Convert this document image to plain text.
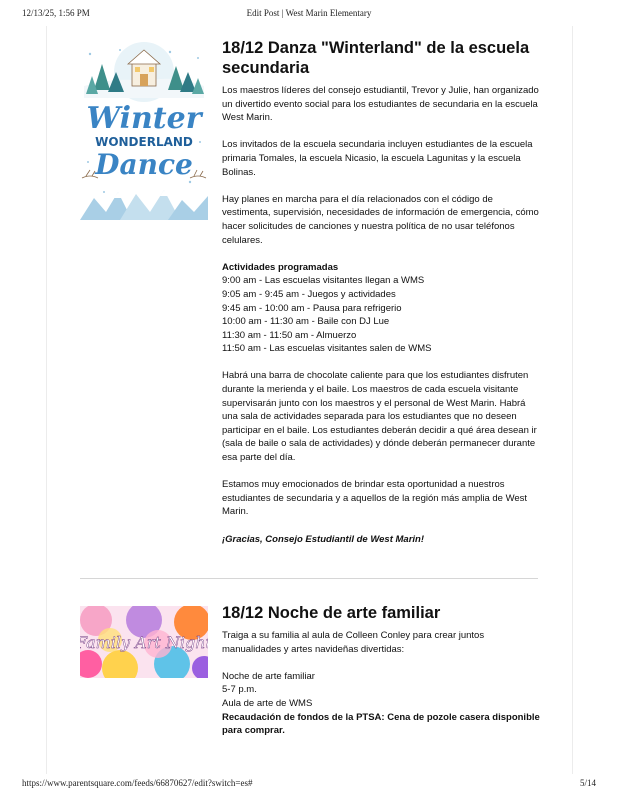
12/13/25, 1:56 PM	Edit Post | West Marin Elementary
Winter
WONDERLAND
Dance
18/12 Danza "Winterland" de la escuela secundaria

Los maestros líderes del consejo estudiantil, Trevor y Julie, han organizado un divertido evento social para los estudiantes de secundaria en la escuela West Marin.

Los invitados de la escuela secundaria incluyen estudiantes de la escuela primaria Tomales, la escuela Nicasio, la escuela Lagunitas y la escuela Bolinas.

Hay planes en marcha para el día relacionados con el código de vestimenta, supervisión, necesidades de información de emergencia, cómo hacer solicitudes de canciones y nuestra política de no usar teléfonos celulares.

Actividades programadas
9:00 am - Las escuelas visitantes llegan a WMS
9:05 am - 9:45 am - Juegos y actividades
9:45 am - 10:00 am - Pausa para refrigerio
10:00 am - 11:30 am - Baile con DJ Lue
11:30 am - 11:50 am - Almuerzo
11:50 am - Las escuelas visitantes salen de WMS

Habrá una barra de chocolate caliente para que los estudiantes disfruten durante la merienda y el baile. Los maestros de cada escuela visitante supervisarán junto con los maestros y el personal de West Marin. Habrá una sala de actividades separada para los estudiantes que no deseen participar en el baile. Los estudiantes deberán decidir a qué área desean ir (sala de baile o sala de actividades) y dónde deberán permanecer durante esa parte del día.

Estamos muy emocionados de brindar esta oportunidad a nuestros estudiantes de secundaria y a aquellos de la región más amplia de West Marin.

¡Gracias, Consejo Estudiantil de West Marin!

Family Art Night
18/12 Noche de arte familiar

Traiga a su familia al aula de Colleen Conley para crear juntos manualidades y artes navideñas divertidas:

Noche de arte familiar
5-7 p.m.
Aula de arte de WMS
Recaudación de fondos de la PTSA: Cena de pozole casera disponible para comprar.
https://www.parentsquare.com/feeds/66870627/edit?switch=es#	5/14
